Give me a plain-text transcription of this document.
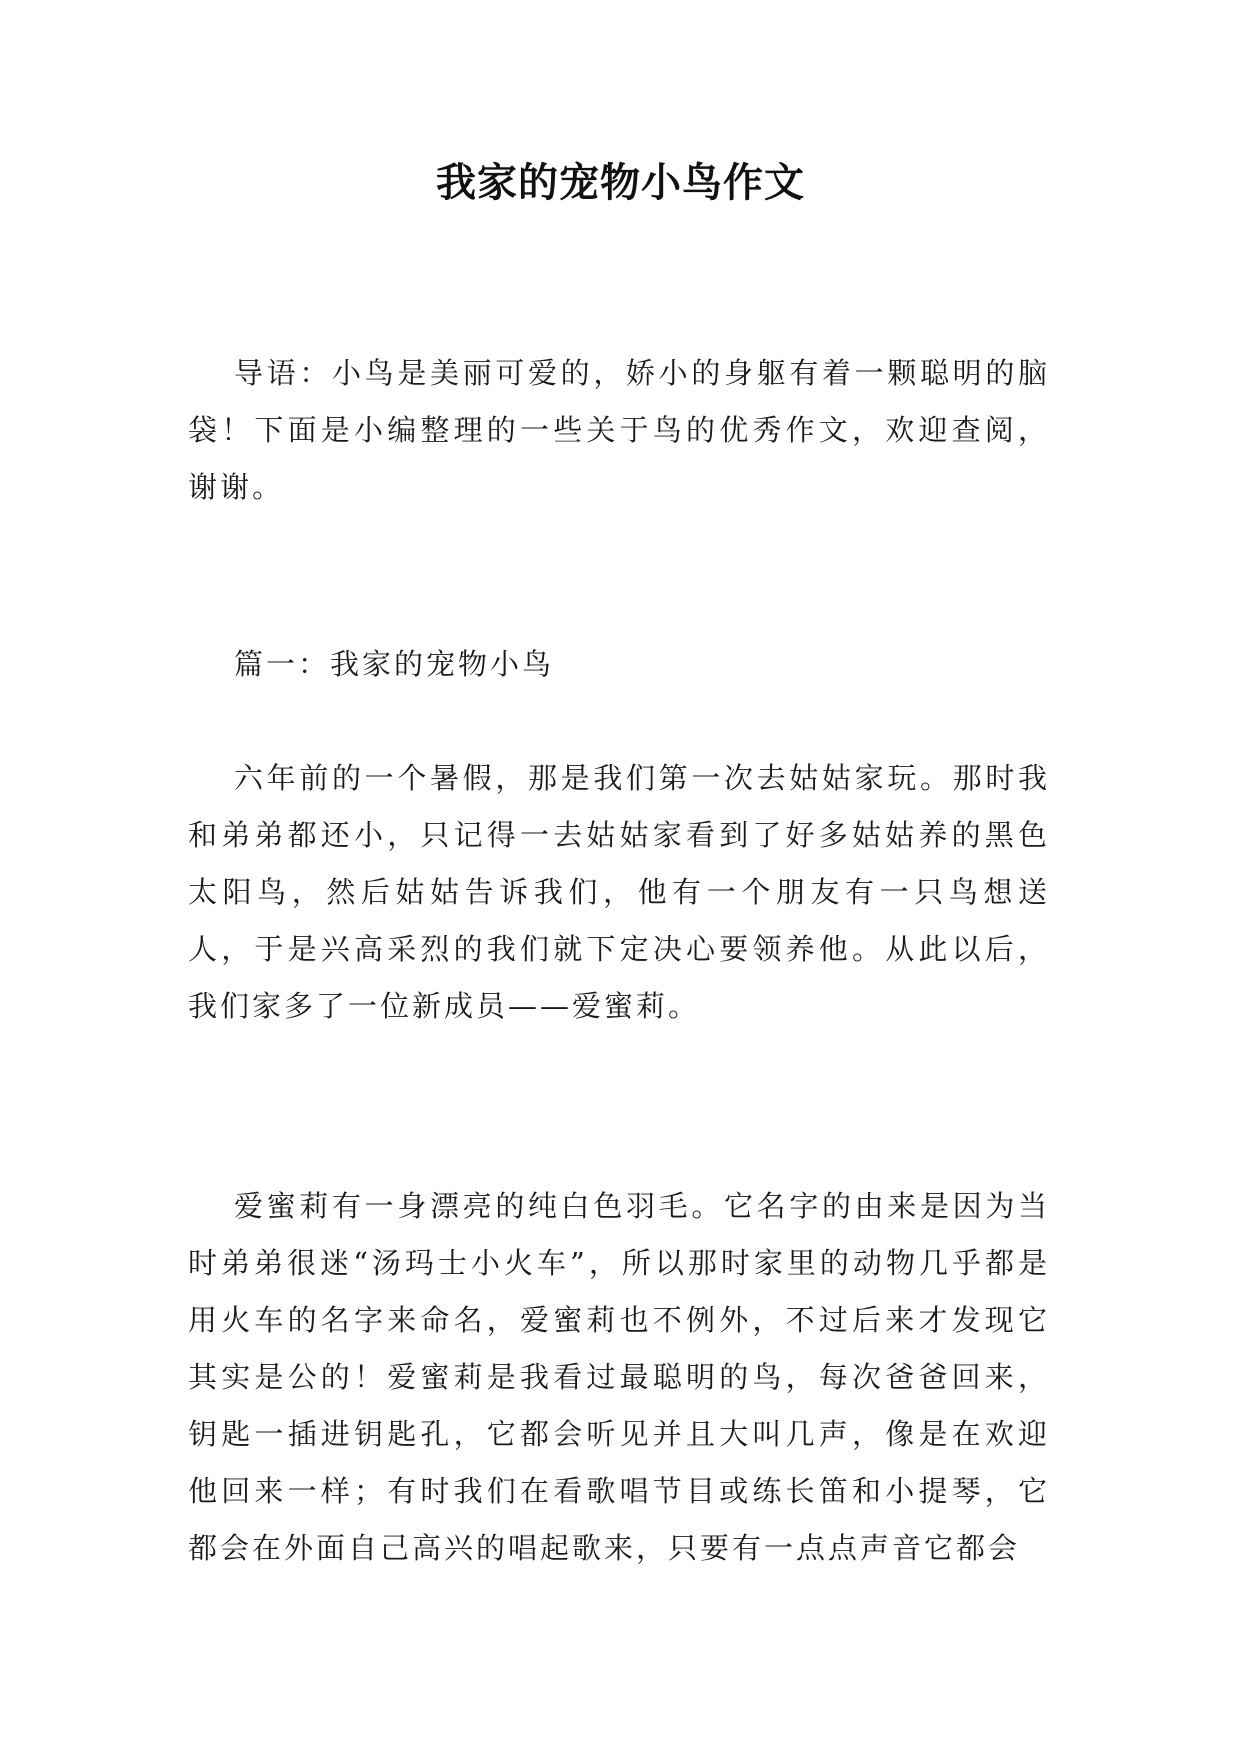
我家的宠物小鸟作文

导语：小鸟是美丽可爱的，娇小的身躯有着一颗聪明的脑袋！下面是小编整理的一些关于鸟的优秀作文，欢迎查阅，谢谢。

篇一：我家的宠物小鸟

六年前的一个暑假，那是我们第一次去姑姑家玩。那时我和弟弟都还小，只记得一去姑姑家看到了好多姑姑养的黑色太阳鸟，然后姑姑告诉我们，他有一个朋友有一只鸟想送人，于是兴高采烈的我们就下定决心要领养他。从此以后，我们家多了一位新成员——爱蜜莉。

爱蜜莉有一身漂亮的纯白色羽毛。它名字的由来是因为当时弟弟很迷“汤玛士小火车”，所以那时家里的动物几乎都是用火车的名字来命名，爱蜜莉也不例外，不过后来才发现它其实是公的！爱蜜莉是我看过最聪明的鸟，每次爸爸回来，钥匙一插进钥匙孔，它都会听见并且大叫几声，像是在欢迎他回来一样；有时我们在看歌唱节目或练长笛和小提琴，它都会在外面自己高兴的唱起歌来，只要有一点点声音它都会
